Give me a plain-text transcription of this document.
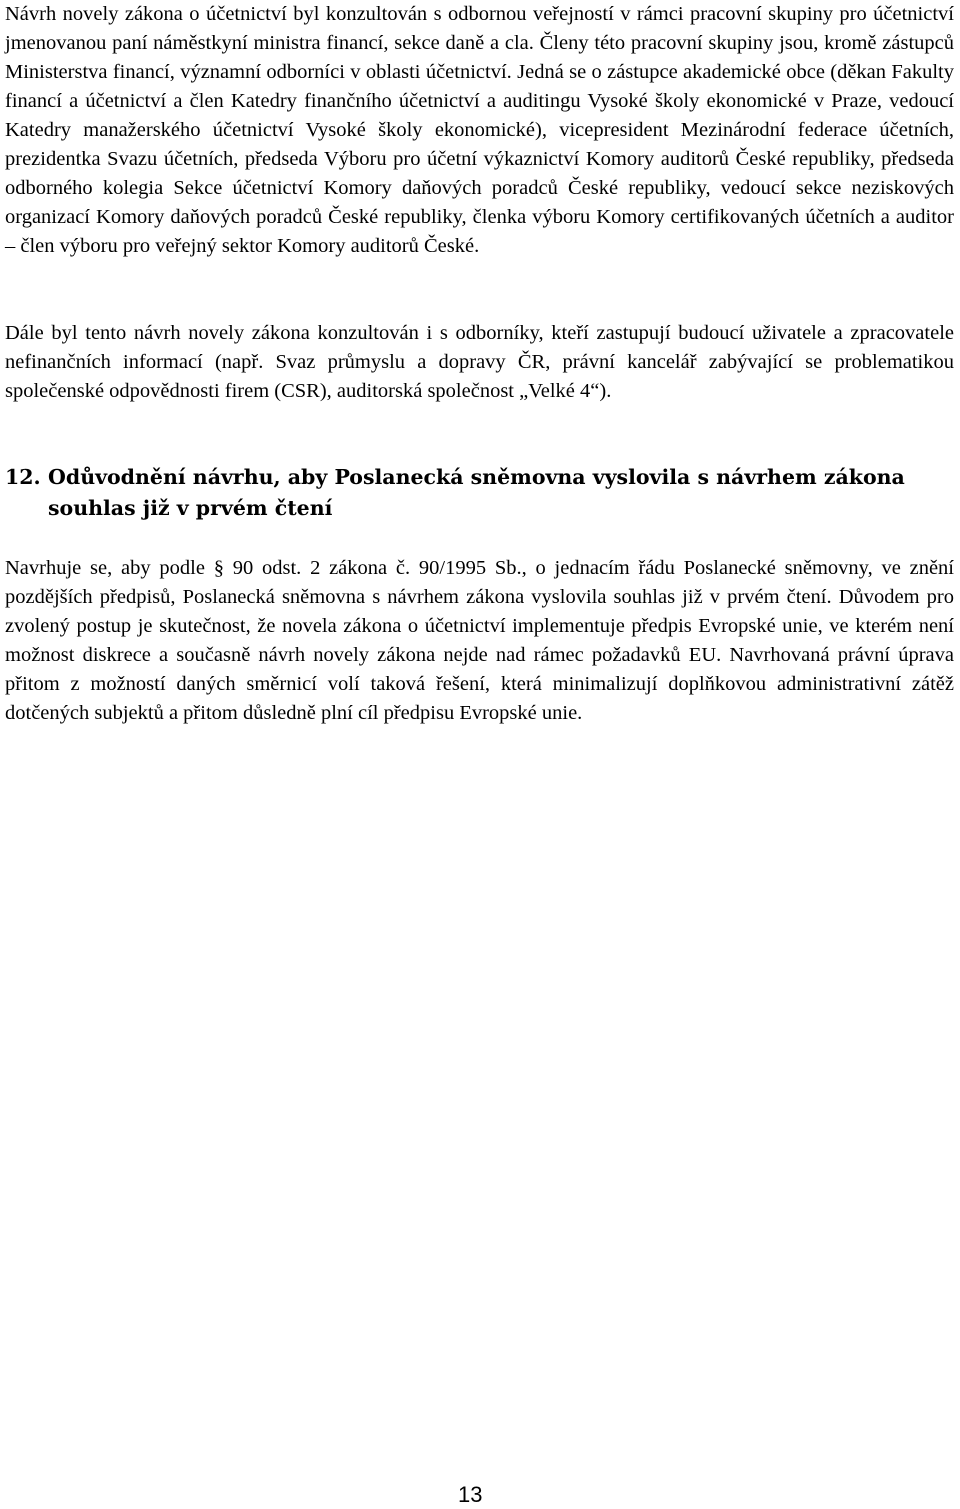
Návrh novely zákona o účetnictví byl konzultován s odbornou veřejností v rámci pracovní skupiny pro účetnictví jmenovanou paní náměstkyní ministra financí, sekce daně a cla. Členy této pracovní skupiny jsou, kromě zástupců Ministerstva financí, významní odborníci v oblasti účetnictví. Jedná se o zástupce akademické obce (děkan Fakulty financí a účetnictví a člen Katedry finančního účetnictví a auditingu Vysoké školy ekonomické v Praze, vedoucí Katedry manažerského účetnictví Vysoké školy ekonomické), vicepresident Mezinárodní federace účetních, prezidentka Svazu účetních, předseda Výboru pro účetní výkaznictví Komory auditorů České republiky, předseda odborného kolegia Sekce účetnictví Komory daňových poradců České republiky, vedoucí sekce neziskových organizací Komory daňových poradců České republiky, členka výboru Komory certifikovaných účetních a auditor – člen výboru pro veřejný sektor Komory auditorů České.

Dále byl tento návrh novely zákona konzultován i s odborníky, kteří zastupují budoucí uživatele a zpracovatele nefinančních informací (např. Svaz průmyslu a dopravy ČR, právní kancelář zabývající se problematikou společenské odpovědnosti firem (CSR), auditorská společnost „Velké 4“).

12. Odůvodnění návrhu, aby Poslanecká sněmovna vyslovila s návrhem zákona souhlas již v prvém čtení

Navrhuje se, aby podle § 90 odst. 2 zákona č. 90/1995 Sb., o jednacím řádu Poslanecké sněmovny, ve znění pozdějších předpisů, Poslanecká sněmovna s návrhem zákona vyslovila souhlas již v prvém čtení. Důvodem pro zvolený postup je skutečnost, že novela zákona o účetnictví implementuje předpis Evropské unie, ve kterém není možnost diskrece a současně návrh novely zákona nejde nad rámec požadavků EU. Navrhovaná právní úprava přitom z možností daných směrnicí volí taková řešení, která minimalizují doplňkovou administrativní zátěž dotčených subjektů a přitom důsledně plní cíl předpisu Evropské unie.

13
